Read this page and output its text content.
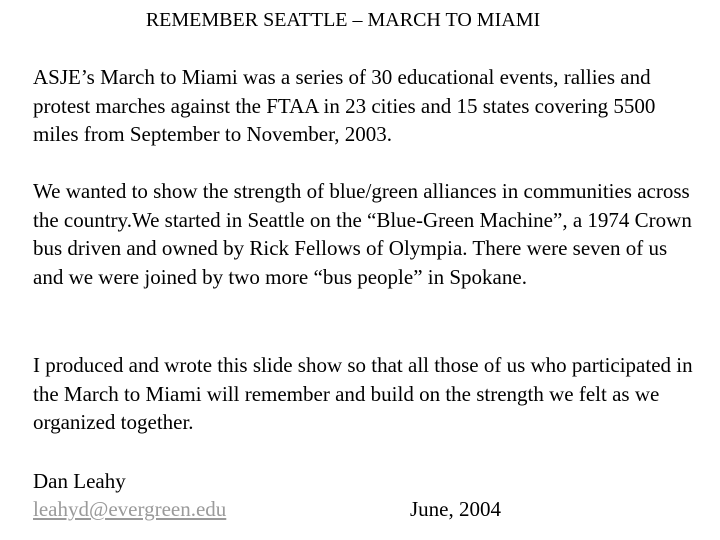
REMEMBER SEATTLE – MARCH TO MIAMI

ASJE’s March to Miami was a series of 30 educational events, rallies and protest marches against the FTAA in 23 cities and 15 states covering 5500 miles from September to November, 2003.

We wanted to show the strength of blue/green alliances in communities across the country.We started in Seattle on the “Blue-Green Machine”, a 1974 Crown bus driven and owned by Rick Fellows of Olympia. There were seven of us and we were joined by two more “bus people” in Spokane.

I produced and wrote this slide show so that all those of us who participated in the March to Miami will remember and build on the strength we felt as we organized together.

Dan Leahy
leahyd@evergreen.edu	June, 2004
